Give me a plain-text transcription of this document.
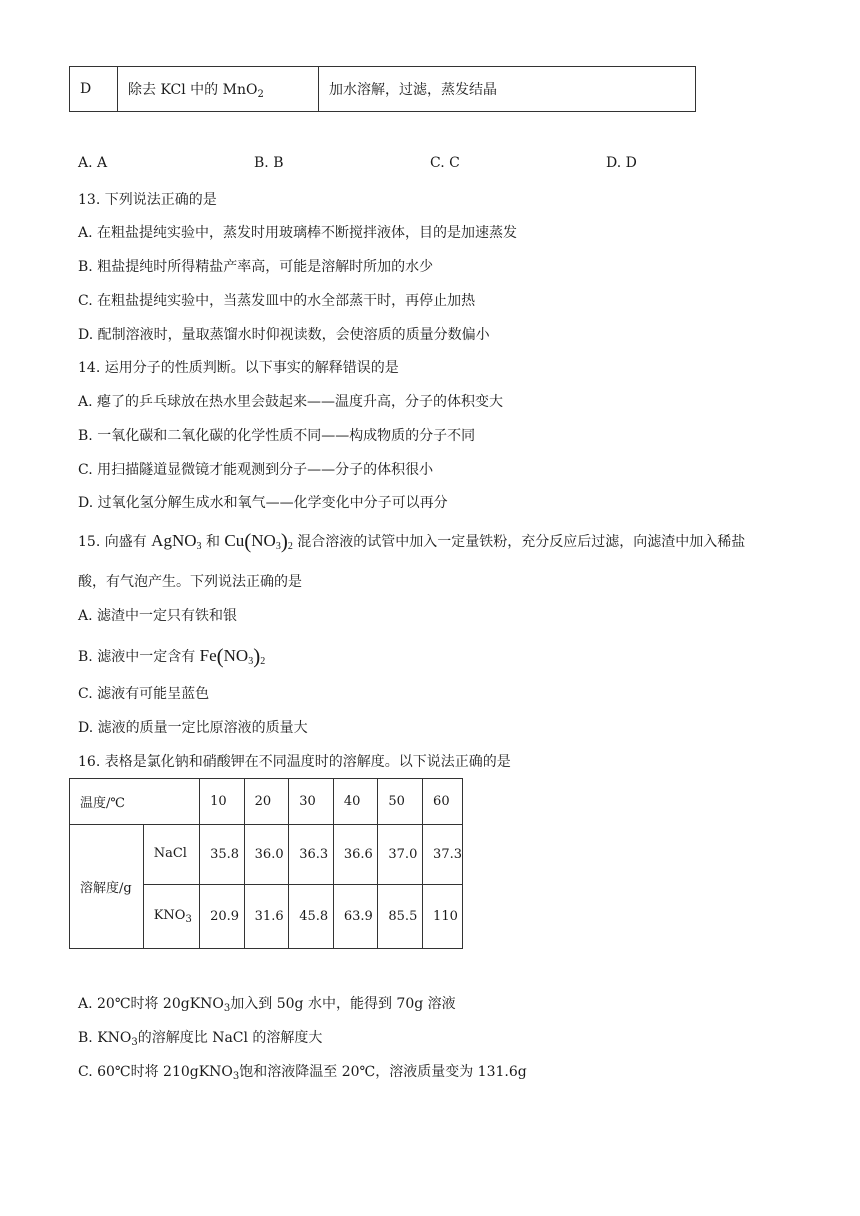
D	除去 KCl 中的 MnO$_2$	加水溶解，过滤，蒸发结晶
A. A	B. B	C. C	D. D
13. 下列说法正确的是
A. 在粗盐提纯实验中，蒸发时用玻璃棒不断搅拌液体，目的是加速蒸发
B. 粗盐提纯时所得精盐产率高，可能是溶解时所加的水少
C. 在粗盐提纯实验中，当蒸发皿中的水全部蒸干时，再停止加热
D. 配制溶液时，量取蒸馏水时仰视读数，会使溶质的质量分数偏小
14. 运用分子的性质判断。以下事实的解释错误的是
A. 瘪了的乒乓球放在热水里会鼓起来——温度升高，分子的体积变大
B. 一氧化碳和二氧化碳的化学性质不同——构成物质的分子不同
C. 用扫描隧道显微镜才能观测到分子——分子的体积很小
D. 过氧化氢分解生成水和氧气——化学变化中分子可以再分
15. 向盛有 AgNO$_3$ 和 $Cu(NO_3)_2$ 混合溶液的试管中加入一定量铁粉，充分反应后过滤，向滤渣中加入稀盐
酸，有气泡产生。下列说法正确的是
A. 滤渣中一定只有铁和银
B. 滤液中一定含有 $Fe(NO_3)_2$
C. 滤液有可能呈蓝色
D. 滤液的质量一定比原溶液的质量大
16. 表格是氯化钠和硝酸钾在不同温度时的溶解度。以下说法正确的是
温度/℃		10	20	30	40	50	60
溶解度/g	NaCl	35.8	36.0	36.3	36.6	37.0	37.3
	$KNO_3$	20.9	31.6	45.8	63.9	85.5	110
A. 20℃时将 20gKNO$_3$加入到 50g 水中，能得到 70g 溶液
B. $KNO_3$的溶解度比 NaCl 的溶解度大
C. 60℃时将 210gKNO$_3$饱和溶液降温至 20℃，溶液质量变为 131.6g
